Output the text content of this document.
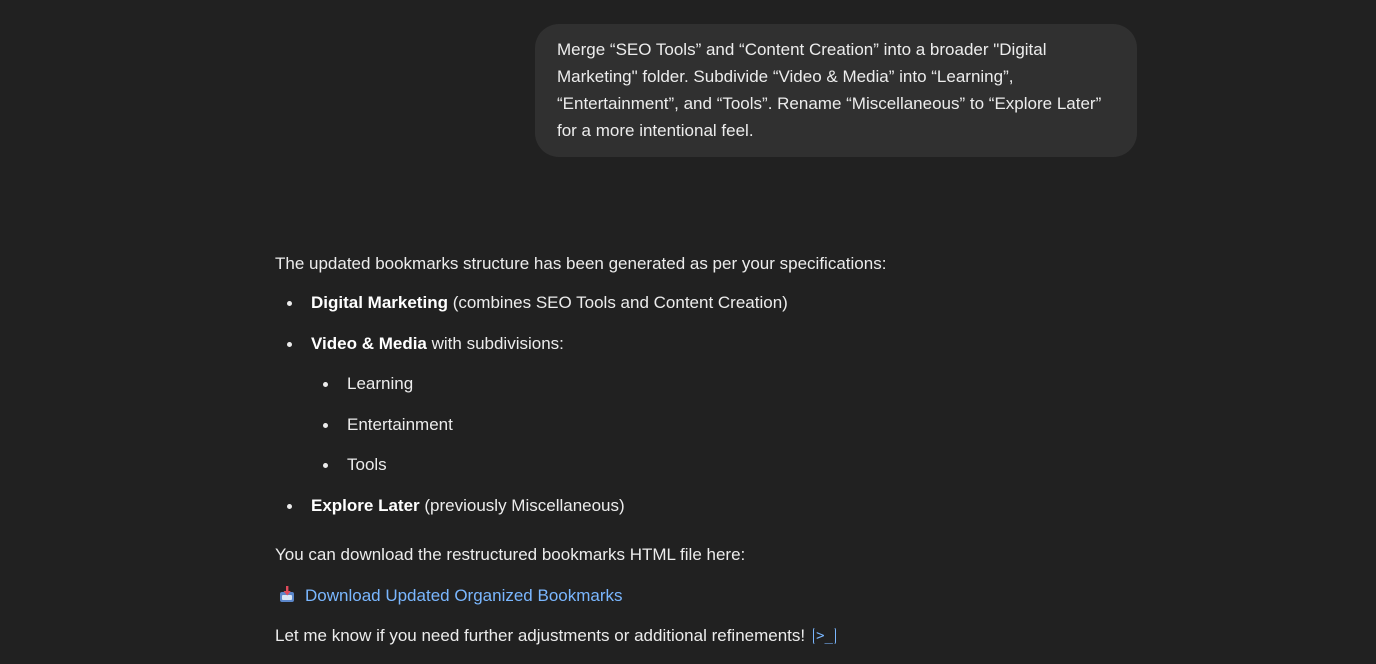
Merge “SEO Tools” and “Content Creation” into a broader "Digital Marketing" folder. Subdivide “Video & Media” into “Learning”, “Entertainment”, and “Tools”. Rename “Miscellaneous” to “Explore Later” for a more intentional feel.
The updated bookmarks structure has been generated as per your specifications:
Digital Marketing (combines SEO Tools and Content Creation)
Video & Media with subdivisions:
Learning
Entertainment
Tools
Explore Later (previously Miscellaneous)
You can download the restructured bookmarks HTML file here:
Download Updated Organized Bookmarks
Let me know if you need further adjustments or additional refinements! >_
